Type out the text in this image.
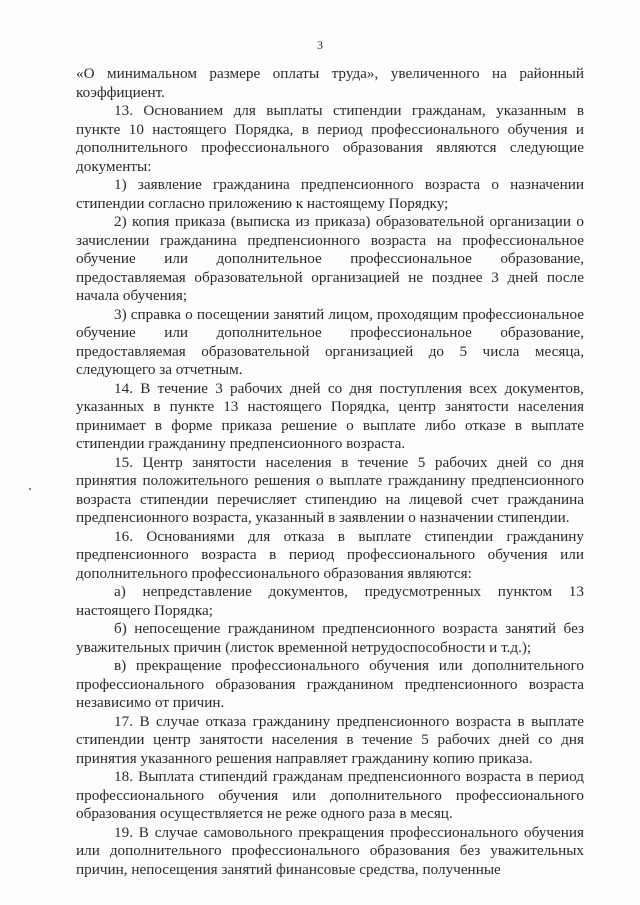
3

«О минимальном размере оплаты труда», увеличенного на районный коэффициент.

13. Основанием для выплаты стипендии гражданам, указанным в пункте 10 настоящего Порядка, в период профессионального обучения и дополнительного профессионального образования являются следующие документы:

1) заявление гражданина предпенсионного возраста о назначении стипендии согласно приложению к настоящему Порядку;

2) копия приказа (выписка из приказа) образовательной организации о зачислении гражданина предпенсионного возраста на профессиональное обучение или дополнительное профессиональное образование, предоставляемая образовательной организацией не позднее 3 дней после начала обучения;

3) справка о посещении занятий лицом, проходящим профессиональное обучение или дополнительное профессиональное образование, предоставляемая образовательной организацией до 5 числа месяца, следующего за отчетным.

14. В течение 3 рабочих дней со дня поступления всех документов, указанных в пункте 13 настоящего Порядка, центр занятости населения принимает в форме приказа решение о выплате либо отказе в выплате стипендии гражданину предпенсионного возраста.

15. Центр занятости населения в течение 5 рабочих дней со дня принятия положительного решения о выплате гражданину предпенсионного возраста стипендии перечисляет стипендию на лицевой счет гражданина предпенсионного возраста, указанный в заявлении о назначении стипендии.

16. Основаниями для отказа в выплате стипендии гражданину предпенсионного возраста в период профессионального обучения или дополнительного профессионального образования являются:

а) непредставление документов, предусмотренных пунктом 13 настоящего Порядка;

б) непосещение гражданином предпенсионного возраста занятий без уважительных причин (листок временной нетрудоспособности и т.д.);

в) прекращение профессионального обучения или дополнительного профессионального образования гражданином предпенсионного возраста независимо от причин.

17. В случае отказа гражданину предпенсионного возраста в выплате стипендии центр занятости населения в течение 5 рабочих дней со дня принятия указанного решения направляет гражданину копию приказа.

18. Выплата стипендий гражданам предпенсионного возраста в период профессионального обучения или дополнительного профессионального образования осуществляется не реже одного раза в месяц.

19. В случае самовольного прекращения профессионального обучения или дополнительного профессионального образования без уважительных причин, непосещения занятий финансовые средства, полученные
